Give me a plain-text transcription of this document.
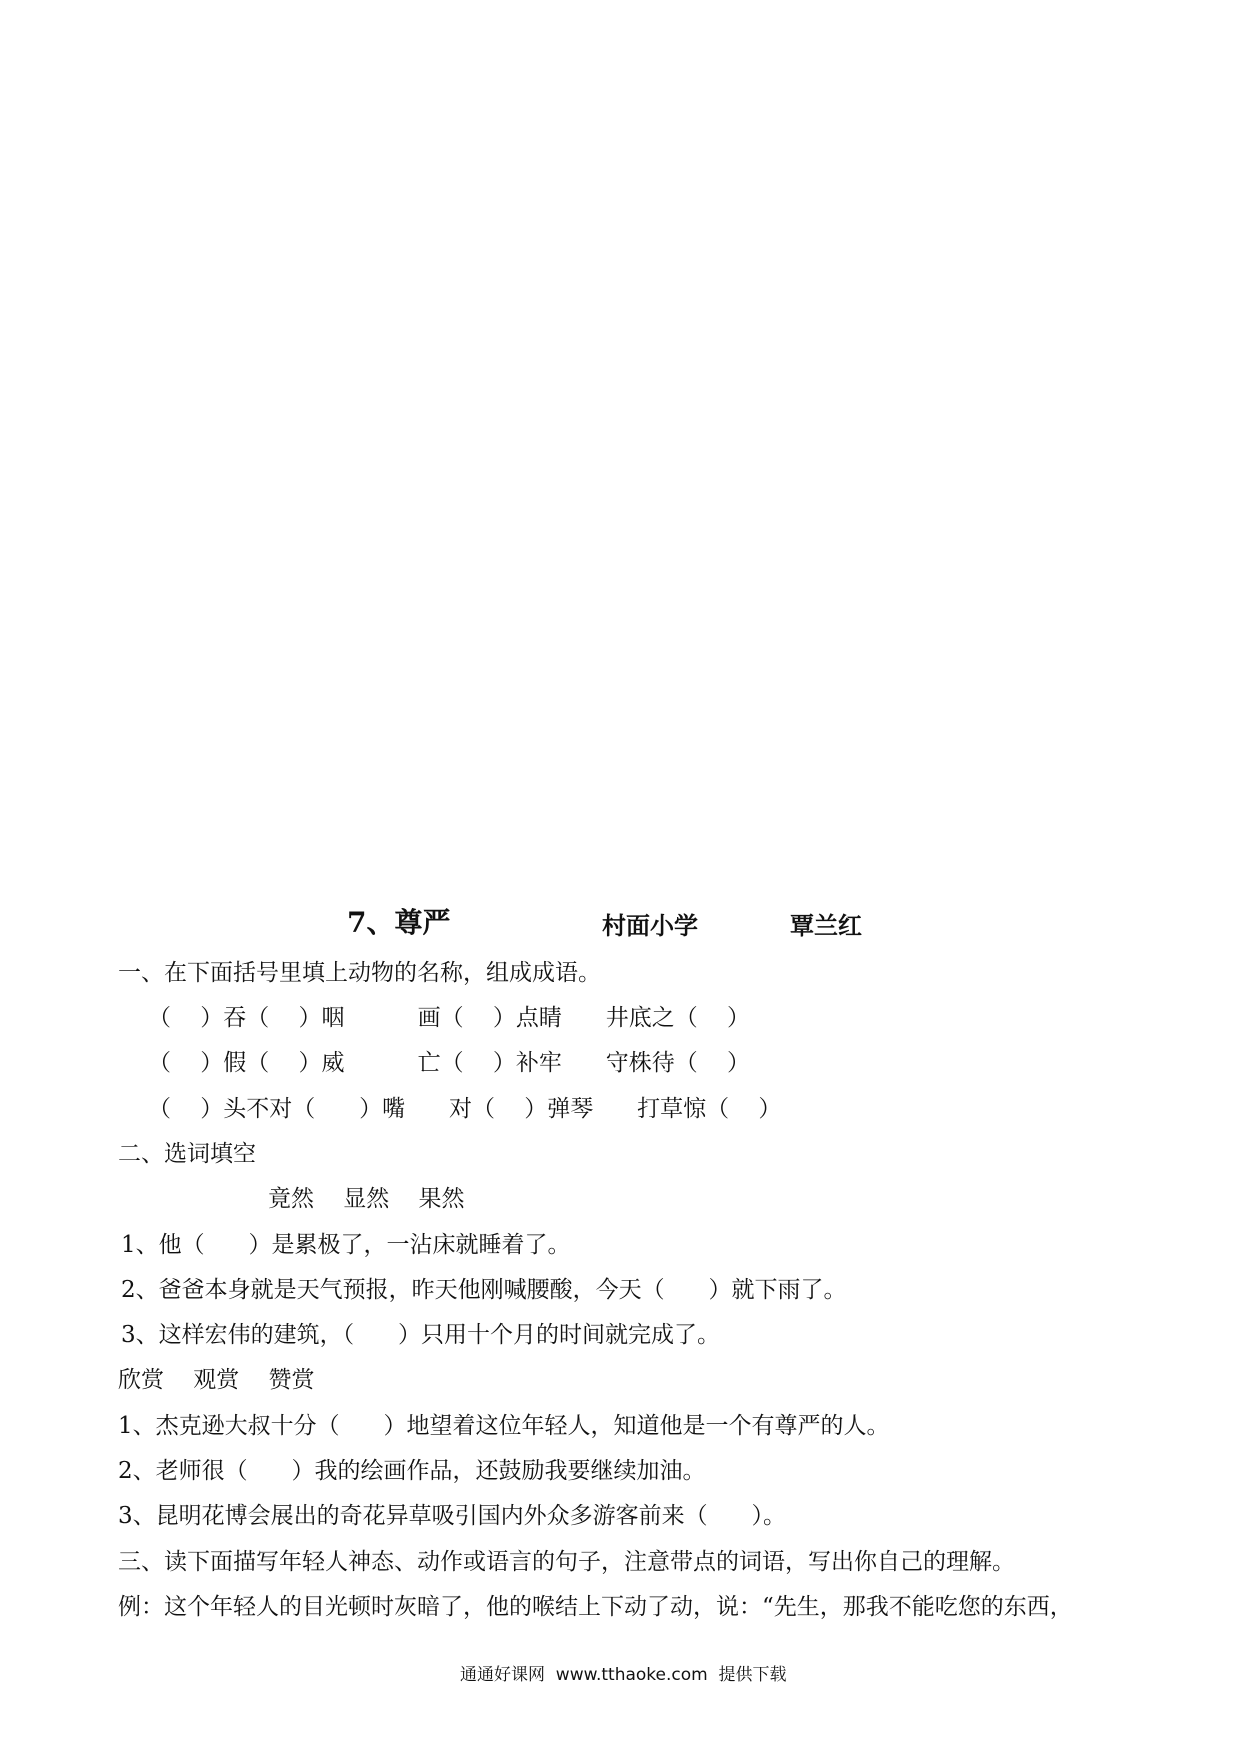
7、尊严	村面小学	覃兰红
一、在下面括号里填上动物的名称，组成成语。
（    ）吞（    ）咽          画（    ）点睛      井底之（    ）
（    ）假（    ）威          亡（    ）补牢      守株待（    ）
（    ）头不对（      ）嘴      对（    ）弹琴      打草惊（    ）
二、选词填空
竟然    显然    果然
1、他（      ）是累极了，一沾床就睡着了。
2、爸爸本身就是天气预报，昨天他刚喊腰酸，今天（      ）就下雨了。
3、这样宏伟的建筑，（      ）只用十个月的时间就完成了。
欣赏    观赏    赞赏
1、杰克逊大叔十分（      ）地望着这位年轻人，知道他是一个有尊严的人。
2、老师很（      ）我的绘画作品，还鼓励我要继续加油。
3、昆明花博会展出的奇花异草吸引国内外众多游客前来（      ）。
三、读下面描写年轻人神态、动作或语言的句子，注意带点的词语，写出你自己的理解。
例：这个年轻人的目光顿时灰暗了，他的喉结上下动了动，说：“先生，那我不能吃您的东西，
通通好课网  www.tthaoke.com  提供下载
